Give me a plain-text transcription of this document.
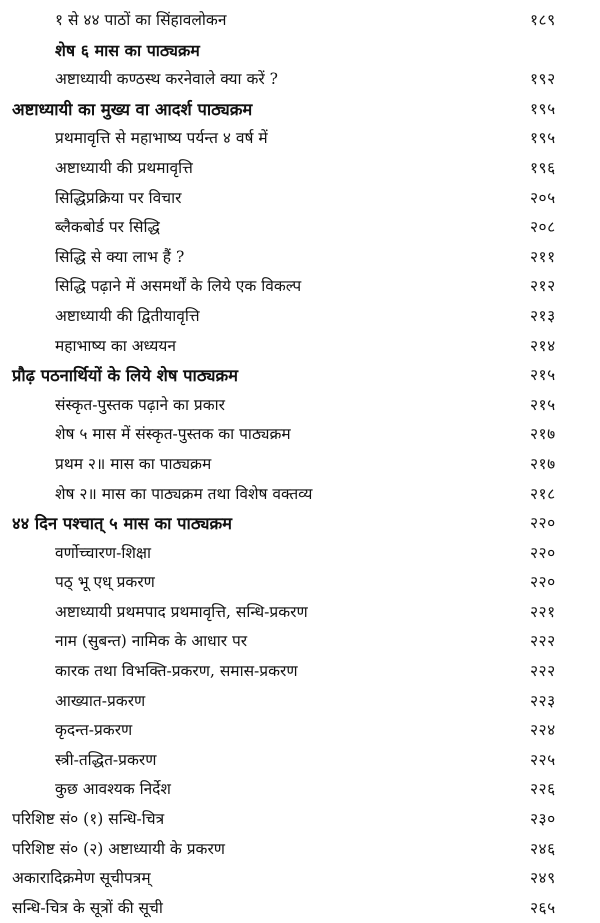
१ से ४४ पाठों का सिंहावलोकन	१८९
शेष ६ मास का पाठ्यक्रम
अष्टाध्यायी कण्ठस्थ करनेवाले क्या करें ?	१९२
अष्टाध्यायी का मुख्य वा आदर्श पाठ्यक्रम	१९५
प्रथमावृत्ति से महाभाष्य पर्यन्त ४ वर्ष में	१९५
अष्टाध्यायी की प्रथमावृत्ति	१९६
सिद्धिप्रक्रिया पर विचार	२०५
ब्लैकबोर्ड पर सिद्धि	२०८
सिद्धि से क्या लाभ हैं ?	२११
सिद्धि पढ़ाने में असमर्थों के लिये एक विकल्प	२१२
अष्टाध्यायी की द्वितीयावृत्ति	२१३
महाभाष्य का अध्ययन	२१४
प्रौढ़ पठनार्थियों के लिये शेष पाठ्यक्रम	२१५
संस्कृत-पुस्तक पढ़ाने का प्रकार	२१५
शेष ५ मास में संस्कृत-पुस्तक का पाठ्यक्रम	२१७
प्रथम २॥ मास का पाठ्यक्रम	२१७
शेष २॥ मास का पाठ्यक्रम तथा विशेष वक्तव्य	२१८
४४ दिन पश्चात् ५ मास का पाठ्यक्रम	२२०
वर्णोच्चारण-शिक्षा	२२०
पठ् भू एध् प्रकरण	२२०
अष्टाध्यायी प्रथमपाद प्रथमावृत्ति, सन्धि-प्रकरण	२२१
नाम (सुबन्त) नामिक के आधार पर	२२२
कारक तथा विभक्ति-प्रकरण, समास-प्रकरण	२२२
आख्यात-प्रकरण	२२३
कृदन्त-प्रकरण	२२४
स्त्री-तद्धित-प्रकरण	२२५
कुछ आवश्यक निर्देश	२२६
परिशिष्ट सं० (१) सन्धि-चित्र	२३०
परिशिष्ट सं० (२) अष्टाध्यायी के प्रकरण	२४६
अकारादिक्रमेण सूचीपत्रम्	२४९
सन्धि-चित्र के सूत्रों की सूची	२६५
